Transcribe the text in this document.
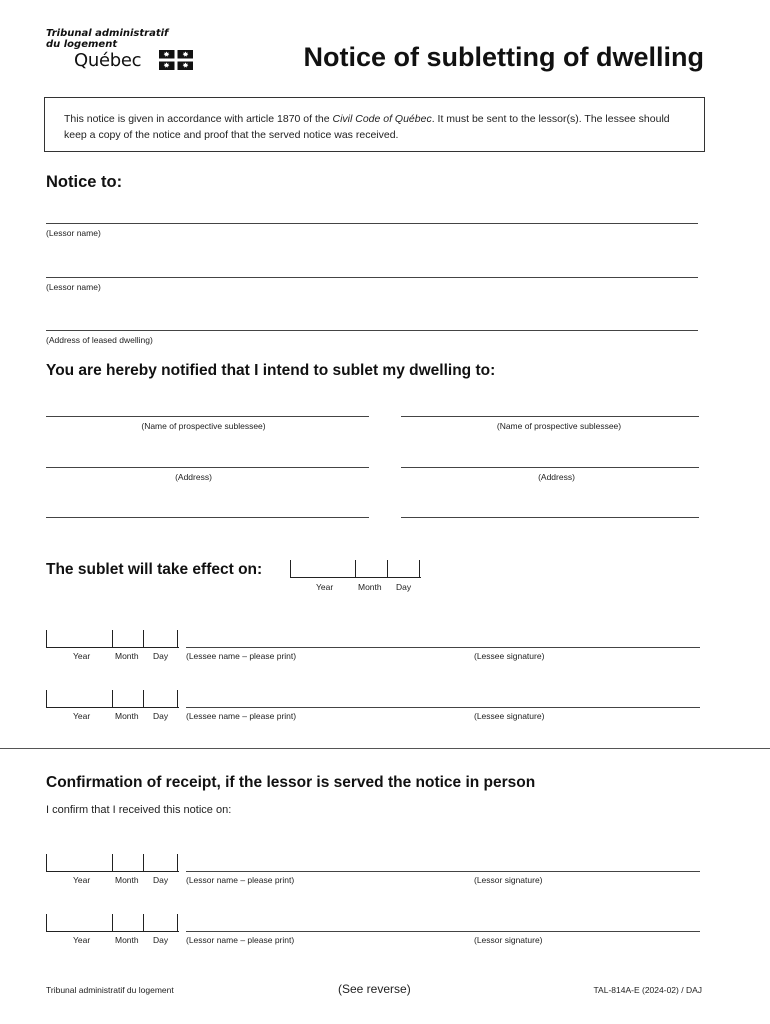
Tribunal administratif
du logement
Québec	Notice of subletting of dwelling
This notice is given in accordance with article 1870 of the Civil Code of Québec. It must be sent to the lessor(s). The lessee should keep a copy of the notice and proof that the served notice was received.
Notice to:
(Lessor name)
(Lessor name)
(Address of leased dwelling)
You are hereby notified that I intend to sublet my dwelling to:
(Name of prospective sublessee)	(Name of prospective sublessee)
(Address)	(Address)
The sublet will take effect on:
Year	Month Day
Year	Month Day (Lessee name – please print)	(Lessee signature)
Year	Month Day (Lessee name – please print)	(Lessee signature)
Confirmation of receipt, if the lessor is served the notice in person
I confirm that I received this notice on:
Year	Month Day (Lessor name – please print)	(Lessor signature)
Year	Month Day (Lessor name – please print)	(Lessor signature)
Tribunal administratif du logement	(See reverse)	TAL-814A-E (2024-02) / DAJ
